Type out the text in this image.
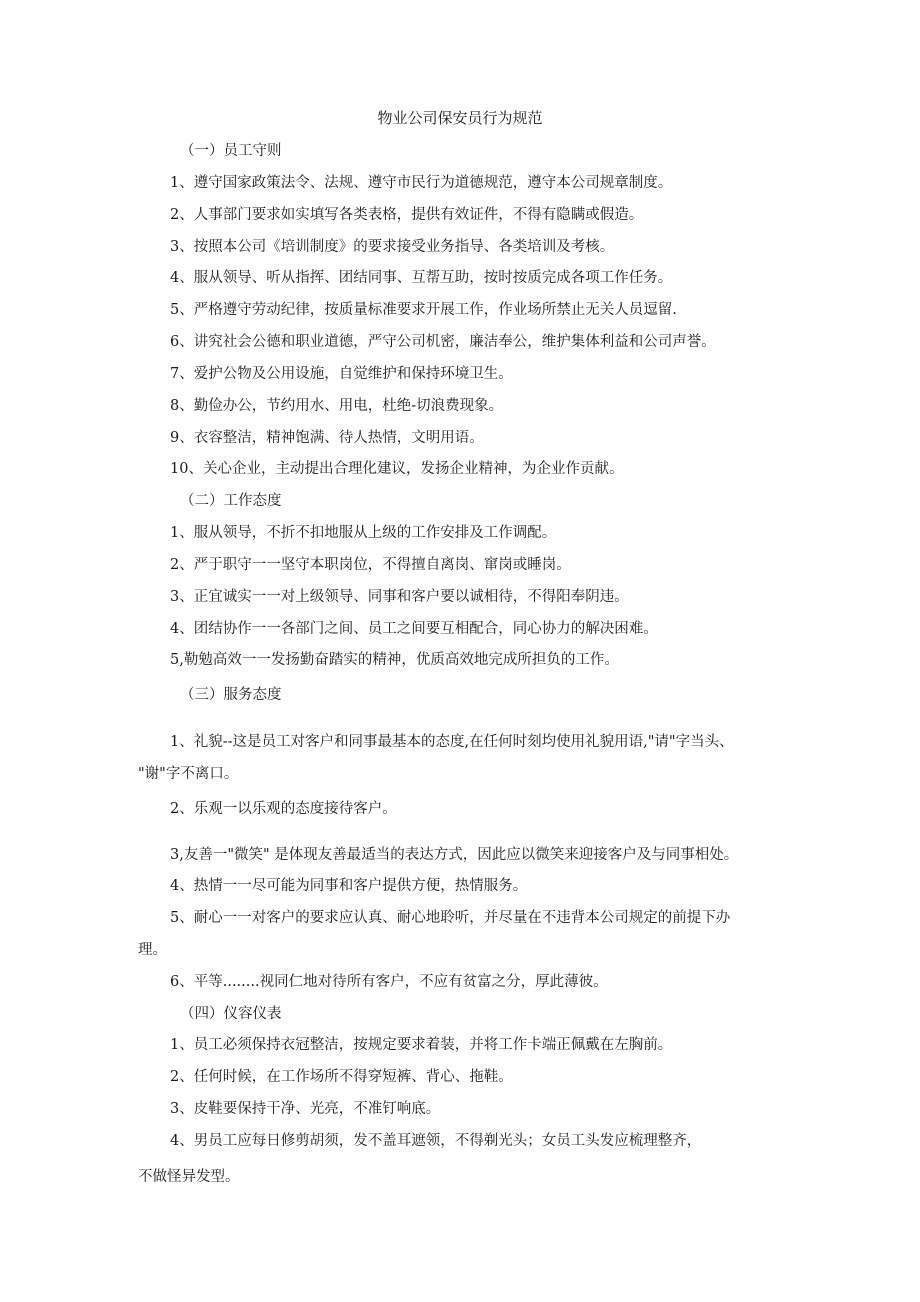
物业公司保安员行为规范
（一）员工守则
1、遵守国家政策法令、法规、遵守市民行为道德规范，遵守本公司规章制度。
2、人事部门要求如实填写各类表格，提供有效证件，不得有隐瞒或假造。
3、按照本公司《培训制度》的要求接受业务指导、各类培训及考核。
4、服从领导、听从指挥、团结同事、互帮互助，按时按质完成各项工作任务。
5、严格遵守劳动纪律，按质量标准要求开展工作，作业场所禁止无关人员逗留.
6、讲究社会公德和职业道德，严守公司机密，廉洁奉公，维护集体利益和公司声誉。
7、爱护公物及公用设施，自觉维护和保持环境卫生。
8、勤俭办公，节约用水、用电，杜绝-切浪费现象。
9、衣容整洁，精神饱满、待人热情，文明用语。
10、关心企业，主动提出合理化建议，发扬企业精神，为企业作贡献。
（二）工作态度
1、服从领导，不折不扣地服从上级的工作安排及工作调配。
2、严于职守一一坚守本职岗位，不得擅自离岗、窜岗或睡岗。
3、正宜诚实一一对上级领导、同事和客户要以诚相待，不得阳奉阴违。
4、团结协作一一各部门之间、员工之间要互相配合，同心协力的解决困难。
5,勒勉高效一一发扬勤奋踏实的精神，优质高效地完成所担负的工作。
（三）服务态度
1、礼貌--这是员工对客户和同事最基本的态度,在任何时刻均使用礼貌用语,"请"字当头、
"谢"字不离口。
2、乐观一以乐观的态度接待客户。
3,友善一"微笑" 是体现友善最适当的表达方式，因此应以微笑来迎接客户及与同事相处。
4、热情一一尽可能为同事和客户提供方便，热情服务。
5、耐心一一对客户的要求应认真、耐心地聆听，并尽量在不违背本公司规定的前提下办
理。
6、平等........视同仁地对待所有客户，不应有贫富之分，厚此薄彼。
（四）仪容仪表
1、员工必须保持衣冠整洁，按规定要求着装，并将工作卡端正佩戴在左胸前。
2、任何时候，在工作场所不得穿短裤、背心、拖鞋。
3、皮鞋要保持干净、光亮，不准钉响底。
4、男员工应每日修剪胡须，发不盖耳遮领，不得剃光头；女员工头发应梳理整齐，
不做怪异发型。
